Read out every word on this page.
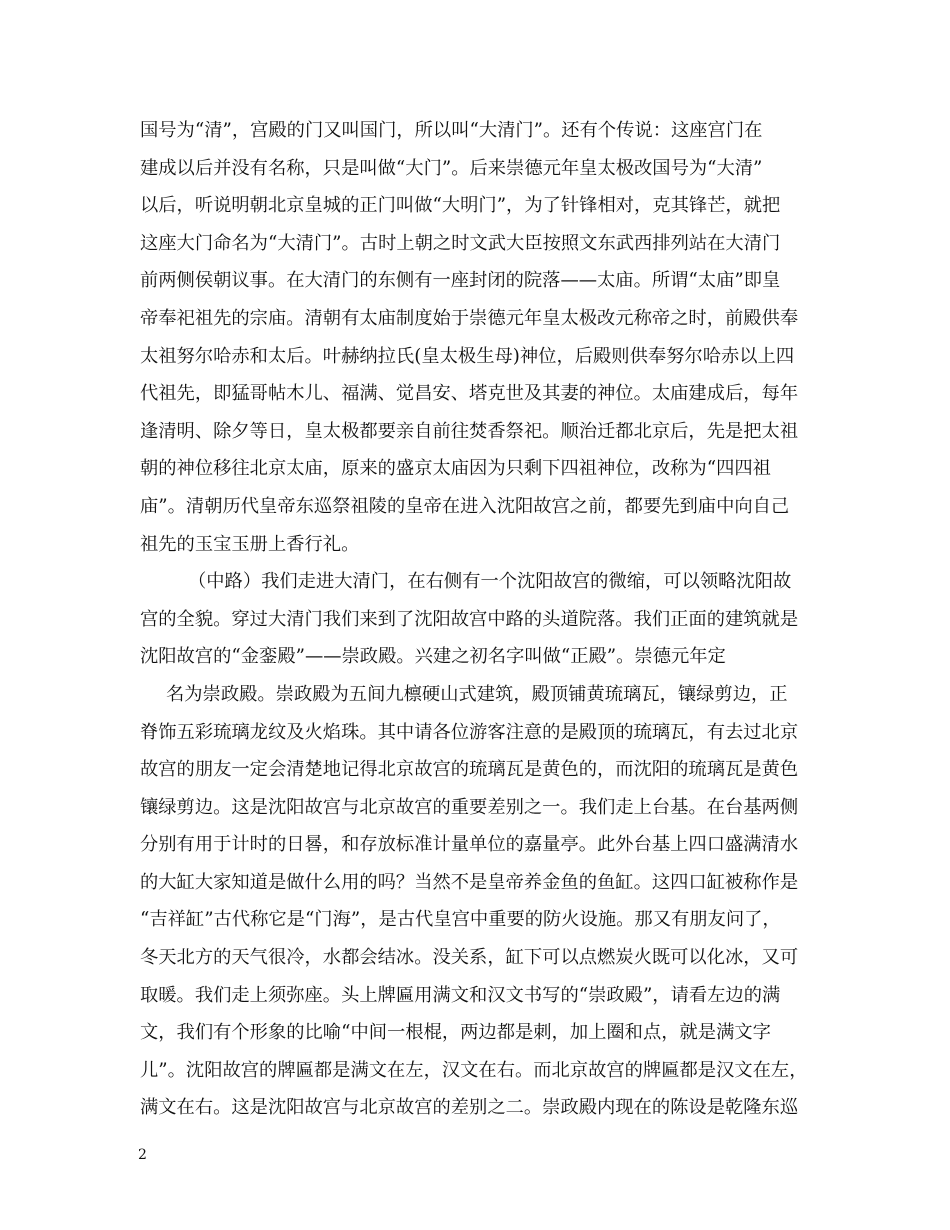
国号为“清”，宫殿的门又叫国门，所以叫“大清门”。还有个传说：这座宫门在
建成以后并没有名称，只是叫做“大门”。后来崇德元年皇太极改国号为“大清”
以后，听说明朝北京皇城的正门叫做“大明门”，为了针锋相对，克其锋芒，就把
这座大门命名为“大清门”。古时上朝之时文武大臣按照文东武西排列站在大清门
前两侧侯朝议事。在大清门的东侧有一座封闭的院落——太庙。所谓“太庙”即皇
帝奉祀祖先的宗庙。清朝有太庙制度始于崇德元年皇太极改元称帝之时，前殿供奉
太祖努尔哈赤和太后。叶赫纳拉氏(皇太极生母)神位，后殿则供奉努尔哈赤以上四
代祖先，即猛哥帖木儿、福满、觉昌安、塔克世及其妻的神位。太庙建成后，每年
逢清明、除夕等日，皇太极都要亲自前往焚香祭祀。顺治迁都北京后，先是把太祖
朝的神位移往北京太庙，原来的盛京太庙因为只剩下四祖神位，改称为“四四祖
庙”。清朝历代皇帝东巡祭祖陵的皇帝在进入沈阳故宫之前，都要先到庙中向自己
祖先的玉宝玉册上香行礼。
（中路）我们走进大清门，在右侧有一个沈阳故宫的微缩，可以领略沈阳故
宫的全貌。穿过大清门我们来到了沈阳故宫中路的头道院落。我们正面的建筑就是
沈阳故宫的“金銮殿”——崇政殿。兴建之初名字叫做“正殿”。崇德元年定
名为崇政殿。崇政殿为五间九檩硬山式建筑，殿顶铺黄琉璃瓦，镶绿剪边，正
脊饰五彩琉璃龙纹及火焰珠。其中请各位游客注意的是殿顶的琉璃瓦，有去过北京
故宫的朋友一定会清楚地记得北京故宫的琉璃瓦是黄色的，而沈阳的琉璃瓦是黄色
镶绿剪边。这是沈阳故宫与北京故宫的重要差别之一。我们走上台基。在台基两侧
分别有用于计时的日晷，和存放标准计量单位的嘉量亭。此外台基上四口盛满清水
的大缸大家知道是做什么用的吗？当然不是皇帝养金鱼的鱼缸。这四口缸被称作是
“吉祥缸”古代称它是“门海”，是古代皇宫中重要的防火设施。那又有朋友问了，
冬天北方的天气很冷，水都会结冰。没关系，缸下可以点燃炭火既可以化冰，又可
取暖。我们走上须弥座。头上牌匾用满文和汉文书写的“崇政殿”，请看左边的满
文，我们有个形象的比喻“中间一根棍，两边都是刺，加上圈和点，就是满文字
儿”。沈阳故宫的牌匾都是满文在左，汉文在右。而北京故宫的牌匾都是汉文在左，
满文在右。这是沈阳故宫与北京故宫的差别之二。崇政殿内现在的陈设是乾隆东巡
2
